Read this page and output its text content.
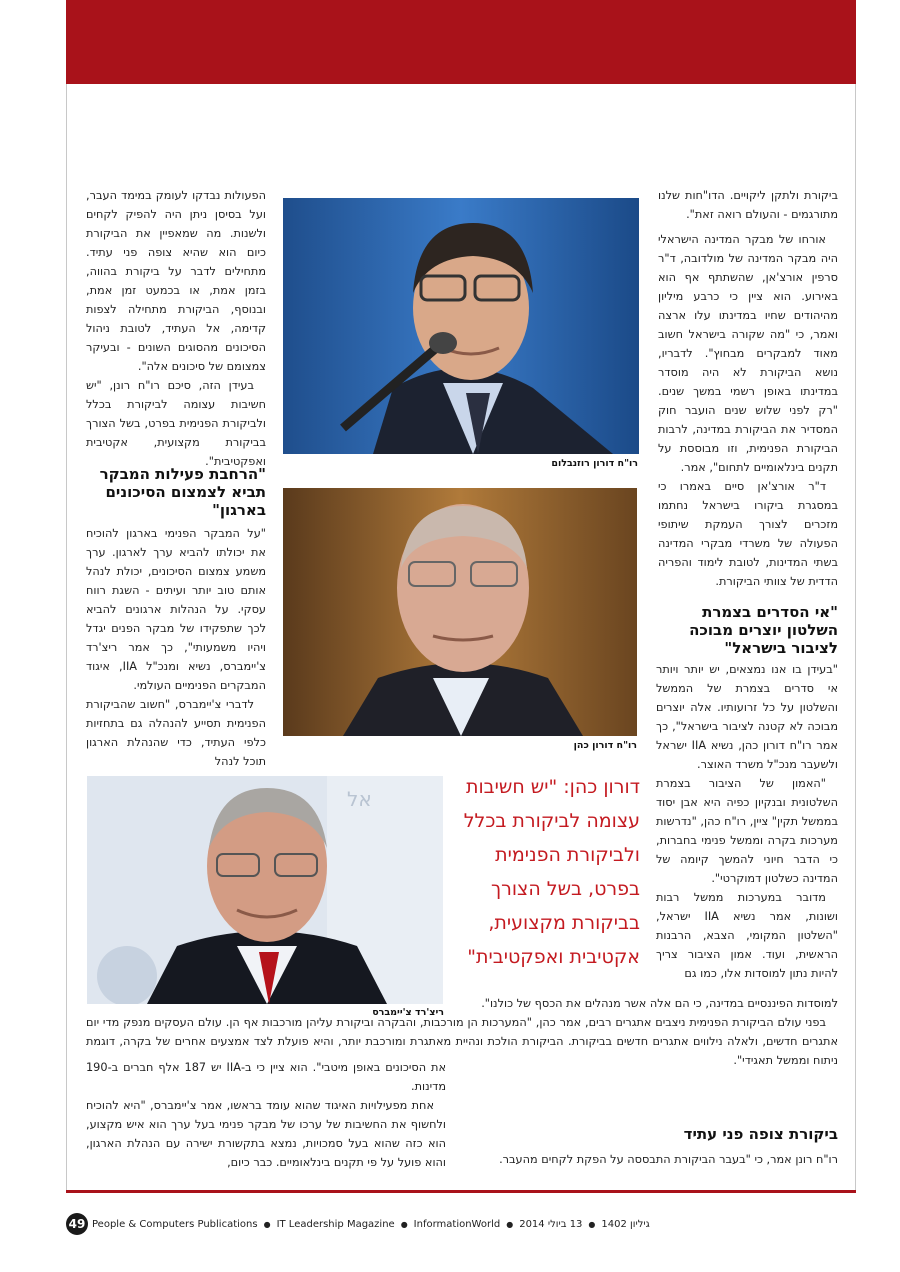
ביקורת ולתקן ליקויים. הדו"חות שלנו מתורגמים - והעולם רואה זאת".

אורחו של מבקר המדינה הישראלי היה מבקר המדינה של מולדובה, ד"ר סרפין אורצ'אן, שהשתתף אף הוא באירוע. הוא ציין כי כרבע מיליון מהיהודים שחיו במדינתו עלו ארצה ואמר, כי "מה שקורה בישראל חשוב מאוד למבקרים מבחוץ". לדבריו, נושא הביקורת לא היה מוסדר במדינתו באופן רשמי במשך שנים. "רק לפני שלוש שנים הועבר חוק המסדיר את הביקורת במדינה, לרבות הביקורת הפנימית, וזו מבוססת על תקנים בינלאומיים לתחום", אמר.

ד"ר אורצ'אן סיים באמרו כי במסגרת ביקורו בישראל נחתמו מזכרים לצורך העמקת שיתופי הפעולה של משרדי מבקרי המדינה בשתי המדינות, לטובת לימוד והפריה הדדית של צוותי הביקורת.

"אי הסדרים בצמרת השלטון יוצרים מבוכה לציבור בישראל"

"בעידן בו אנו נמצאים, יש יותר ויותר אי סדרים בצמרת של הממשל והשלטון על כל זרועותיו. אלה יוצרים מבוכה לא קטנה לציבור בישראל", כך אמר רו"ח דורון כהן, נשיא IIA ישראל ולשעבר מנכ"ל משרד האוצר.

"האמון של הציבור בצמרת השלטונית ובנקיון כפיה היא אבן יסוד בממשל תקין" ציין, רו"ח כהן, "נדרשות מערכות בקרה וממשל פנימי בחברות, כי הדבר חיוני להמשך קיומה של המדינה כשלטון דמוקרטי".

מדובר במערכות ממשל רבות ושונות, אמר נשיא IIA ישראל, "השלטון המקומי, הצבא, הרבנות הראשית, ועוד. אמון הציבור צריך להיות נתון למוסדות אלו, כמו גם

למוסדות הפיננסיים במדינה, כי הם אלה אשר מנהלים את הכסף של כולנו".

בפני עולם הביקורת הפנימית ניצבים אתגרים רבים, אמר כהן, "המערכות הן מורכבות, והבקרה וביקורת עליהן מורכבות אף הן. עולם העסקים מנפק מדי יום אתגרים חדשים, ולאלה נילווים אתגרים חדשים בביקורת. הביקורת הולכת ונהיית מאתגרת ומורכבת יותר, והיא פועלת לצד אמצעים אחרים של בקרה, דוגמת ניתוח וממשל תאגידי".

ביקורת צופה פני עתיד

רו"ח רונן אמר, כי "בעבר הביקורת התבססה על הפקת לקחים מהעבר.

הפעולות נבדקו לעומק במימד העבר, ועל בסיסן ניתן היה להפיק לקחים ולשנות. מה שמאפיין את הביקורת כיום הוא שהיא צופה פני עתיד. מתחילים לדבר על ביקורת בהווה, בזמן אמת, או בכמעט זמן אמת, ובנוסף, הביקורת מתחילה לצפות קדימה, אל העתיד, לטובת ניהול הסיכונים מהסוגים השונים - ובעיקר צמצומם של סיכונים אלה".

בעידן הזה, סיכם רו"ח רונן, "יש חשיבות עצומה לביקורת בכלל ולביקורת הפנימית בפרט, בשל הצורך בביקורת מקצועית, אקטיבית ואפקטיבית".

"הרחבת פעילות המבקר תביא לצמצום הסיכונים בארגון"

"על המבקר הפנימי בארגון להוכיח את יכולתו להביא ערך לארגון. ערך משמע צמצום הסיכונים, יכולת לנהל אותם טוב יותר ועיתים - השגת רווח עסקי. על הנהלות ארגונים להביא לכך שתפקידו של מבקר הפנים יגדל ויהיו משמעותי", כך אמר ריצ'רד צ'יימברס, נשיא ומנכ"ל IIA, איגוד המבקרים הפנימיים העולמי.

לדברי צ'יימברס, "חשוב שהביקורת הפנימית תסייע להנהלה גם בתחזיות כלפי העתיד, כדי שהנהלת הארגון תוכל לנהל

את הסיכונים באופן מיטבי". הוא ציין כי ב-IIA יש 187 אלף חברים ב-190 מדינות.

אחת מפעילויות האיגוד שהוא עומד בראשו, אמר צ'יימברס, "היא להוכיח ולחשוף את החשיבות של ערכו של מבקר פנימי בעל ערך הוא איש מקצוע, הוא כזה שהוא בעל סמכויות, נמצא בתקשורת ישירה עם הנהלת הארגון, והוא פועל על פי תקנים בינלאומיים. כבר כיום,

רו"ח דורון רוזנבלום
רו"ח דורון כהן
אל
ריצ'רד צ'יימברס
דורון כהן: "יש חשיבות עצומה לביקורת בכלל ולביקורת הפנימית בפרט, בשל הצורך בביקורת מקצועית, אקטיבית ואפקטיבית"
49 People & Computers Publications ● IT Leadership Magazine ● InformationWorld ● 13 ביולי 2014 ● גיליון 1402
